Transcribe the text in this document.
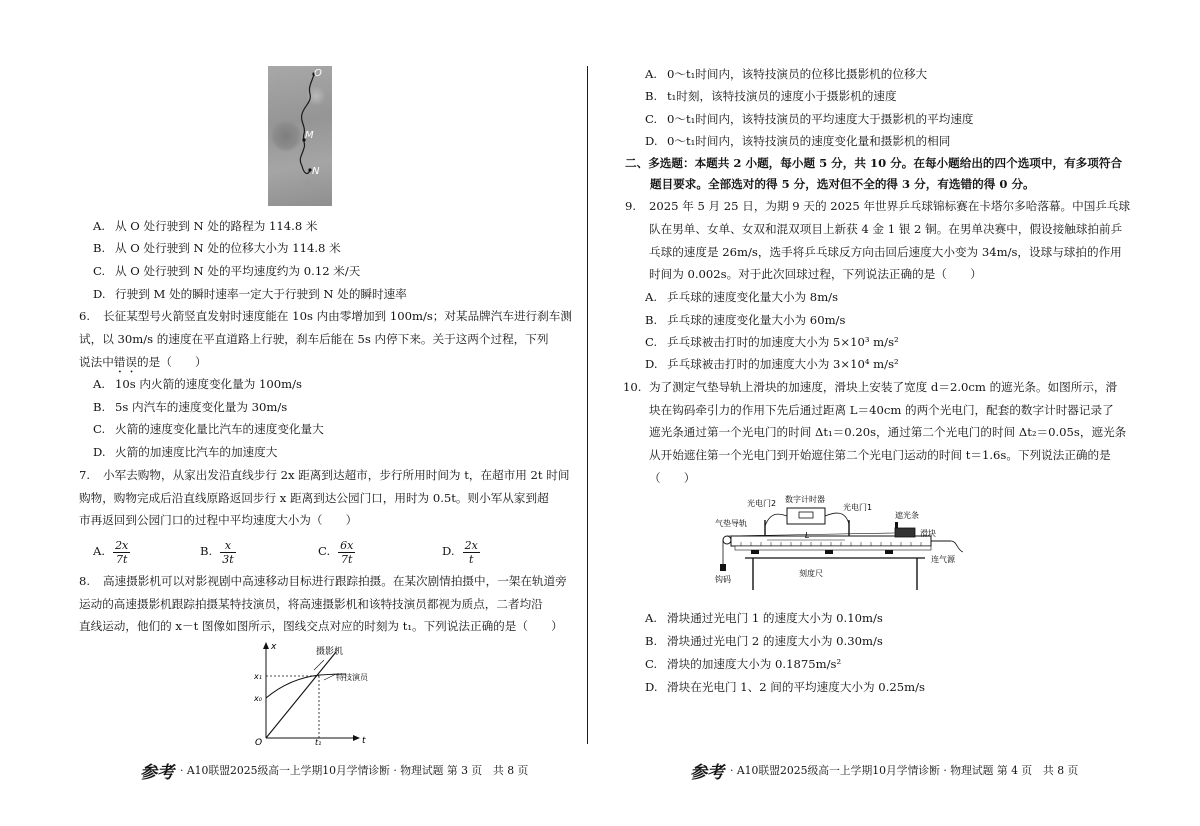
O
M
N
A. 从 O 处行驶到 N 处的路程为 114.8 米
B. 从 O 处行驶到 N 处的位移大小为 114.8 米
C. 从 O 处行驶到 N 处的平均速度约为 0.12 米/天
D. 行驶到 M 处的瞬时速率一定大于行驶到 N 处的瞬时速率
6. 长征某型号火箭竖直发射时速度能在 10s 内由零增加到 100m/s；对某品牌汽车进行刹车测
试，以 30m/s 的速度在平直道路上行驶，刹车后能在 5s 内停下来。关于这两个过程，下列
说法中错误的是（　　）
A. 10s 内火箭的速度变化量为 100m/s
B. 5s 内汽车的速度变化量为 30m/s
C. 火箭的速度变化量比汽车的速度变化量大
D. 火箭的加速度比汽车的加速度大
7. 小军去购物，从家出发沿直线步行 2x 距离到达超市，步行所用时间为 t，在超市用 2t 时间
购物，购物完成后沿直线原路返回步行 x 距离到达公园门口，用时为 0.5t。则小军从家到超
市再返回到公园门口的过程中平均速度大小为（　　）
A. $\frac{2x}{7t}$	B. $\frac{x}{3t}$	C. $\frac{6x}{7t}$	D. $\frac{2x}{t}$
8. 高速摄影机可以对影视剧中高速移动目标进行跟踪拍摄。在某次剧情拍摄中，一架在轨道旁
运动的高速摄影机跟踪拍摄某特技演员，将高速摄影机和该特技演员都视为质点，二者均沿
直线运动，他们的 x－t 图像如图所示，图线交点对应的时刻为 t₁。下列说法正确的是（　　）
x
t
O
x₁
x₀
t₁
摄影机
特技演员
参考 · A10联盟2025级高一上学期10月学情诊断 · 物理试题 第 3 页　共 8 页
A. 0～t₁时间内，该特技演员的位移比摄影机的位移大
B. t₁时刻，该特技演员的速度小于摄影机的速度
C. 0～t₁时间内，该特技演员的平均速度大于摄影机的平均速度
D. 0～t₁时间内，该特技演员的速度变化量和摄影机的相同
二、多选题：本题共 2 小题，每小题 5 分，共 10 分。在每小题给出的四个选项中，有多项符合
题目要求。全部选对的得 5 分，选对但不全的得 3 分，有选错的得 0 分。
9. 2025 年 5 月 25 日，为期 9 天的 2025 年世界乒乓球锦标赛在卡塔尔多哈落幕。中国乒乓球
队在男单、女单、女双和混双项目上新获 4 金 1 银 2 铜。在男单决赛中，假设接触球拍前乒
乓球的速度是 26m/s，选手将乒乓球反方向击回后速度大小变为 34m/s，设球与球拍的作用
时间为 0.002s。对于此次回球过程，下列说法正确的是（　　）
A. 乒乓球的速度变化量大小为 8m/s
B. 乒乓球的速度变化量大小为 60m/s
C. 乒乓球被击打时的加速度大小为 5×10³ m/s²
D. 乒乓球被击打时的加速度大小为 3×10⁴ m/s²
10. 为了测定气垫导轨上滑块的加速度，滑块上安装了宽度 d＝2.0cm 的遮光条。如图所示，滑
块在钩码牵引力的作用下先后通过距离 L＝40cm 的两个光电门，配套的数字计时器记录了
遮光条通过第一个光电门的时间 Δt₁＝0.20s，通过第二个光电门的时间 Δt₂＝0.05s，遮光条
从开始遮住第一个光电门到开始遮住第二个光电门运动的时间 t＝1.6s。下列说法正确的是
（　　）
光电门2 数字计时器
光电门1
气垫导轨
遮光条
滑块
连气源
钩码
刻度尺
L
A. 滑块通过光电门 1 的速度大小为 0.10m/s
B. 滑块通过光电门 2 的速度大小为 0.30m/s
C. 滑块的加速度大小为 0.1875m/s²
D. 滑块在光电门 1、2 间的平均速度大小为 0.25m/s
参考 · A10联盟2025级高一上学期10月学情诊断 · 物理试题 第 4 页　共 8 页
